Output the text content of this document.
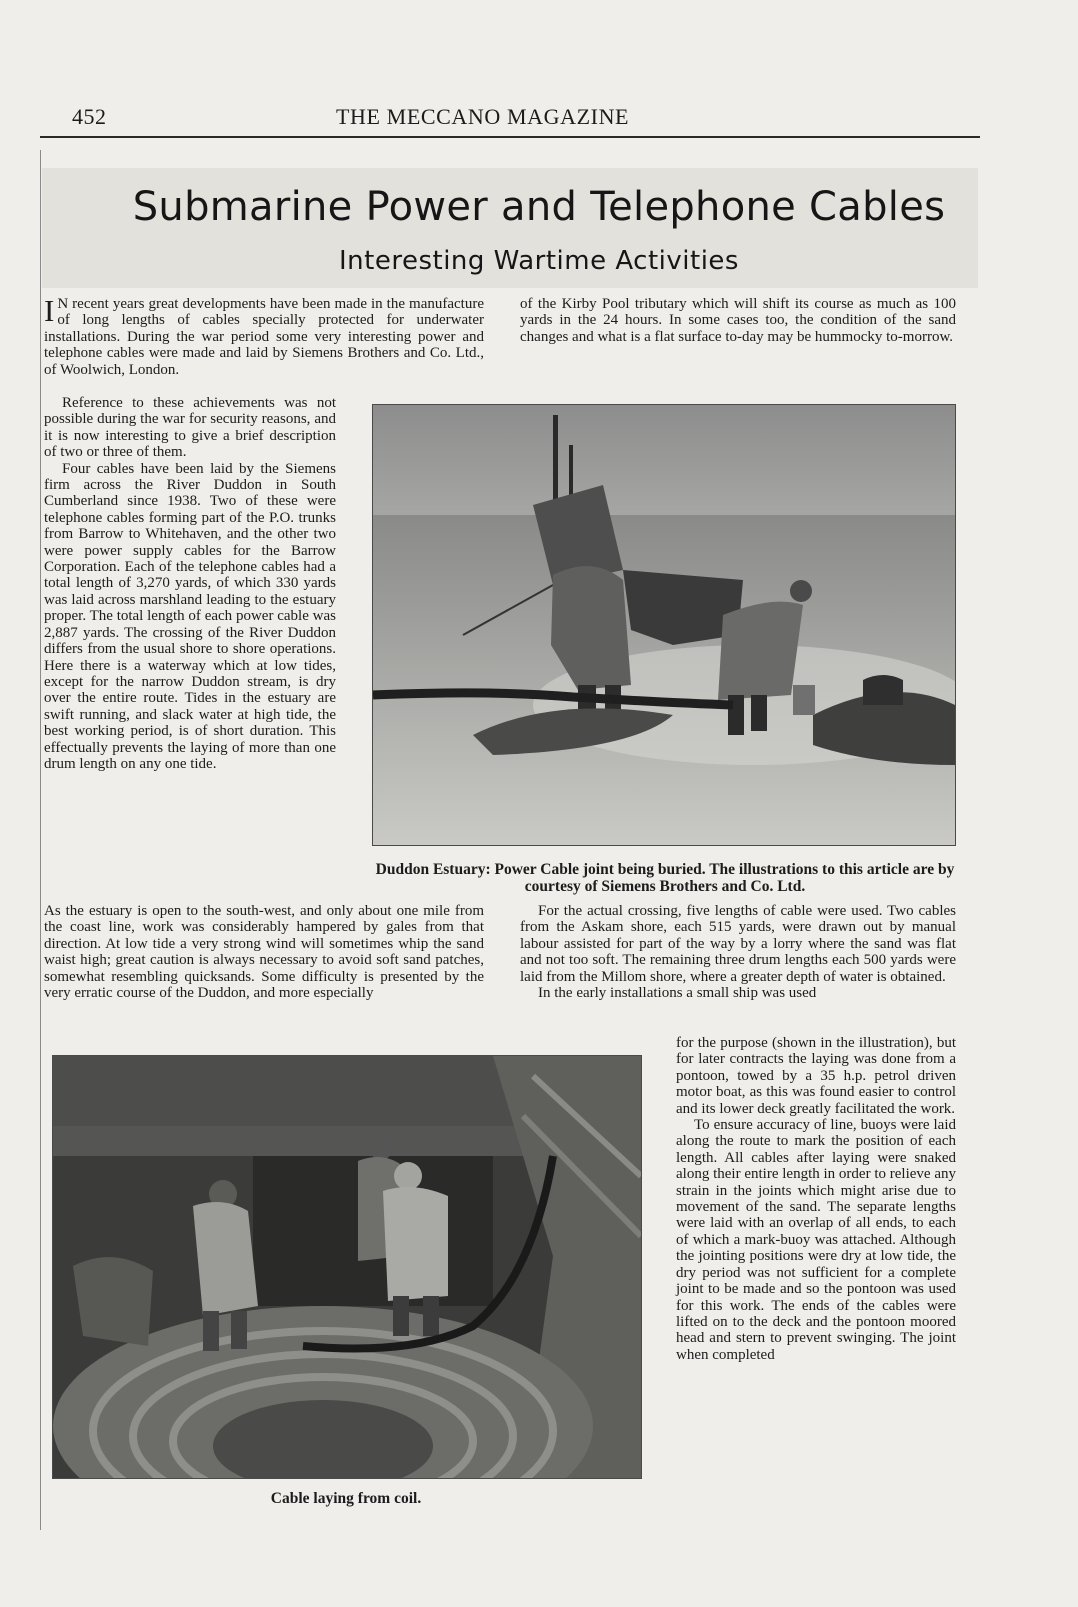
452	THE MECCANO MAGAZINE
Submarine Power and Telephone Cables
Interesting Wartime Activities

I N recent years great developments have been made in the manufacture of long lengths of cables specially protected for underwater installations. During the war period some very interesting power and telephone cables were made and laid by Siemens Brothers and Co. Ltd., of Woolwich, London.

Reference to these achievements was not possible during the war for security reasons, and it is now interesting to give a brief description of two or three of them.

Four cables have been laid by the Siemens firm across the River Duddon in South Cumberland since 1938. Two of these were telephone cables forming part of the P.O. trunks from Barrow to Whitehaven, and the other two were power supply cables for the Barrow Corporation. Each of the telephone cables had a total length of 3,270 yards, of which 330 yards was laid across marshland leading to the estuary proper. The total length of each power cable was 2,887 yards. The crossing of the River Duddon differs from the usual shore to shore operations. Here there is a waterway which at low tides, except for the narrow Duddon stream, is dry over the entire route. Tides in the estuary are swift running, and slack water at high tide, the best working period, is of short duration. This effectually prevents the laying of more than one drum length on any one tide.

of the Kirby Pool tributary which will shift its course as much as 100 yards in the 24 hours. In some cases too, the condition of the sand changes and what is a flat surface to-day may be hummocky to-morrow.

Duddon Estuary: Power Cable joint being buried. The illustrations to this article are by courtesy of Siemens Brothers and Co. Ltd.

As the estuary is open to the south-west, and only about one mile from the coast line, work was considerably hampered by gales from that direction. At low tide a very strong wind will sometimes whip the sand waist high; great caution is always necessary to avoid soft sand patches, somewhat resembling quicksands. Some difficulty is presented by the very erratic course of the Duddon, and more especially

For the actual crossing, five lengths of cable were used. Two cables from the Askam shore, each 515 yards, were drawn out by manual labour assisted for part of the way by a lorry where the sand was flat and not too soft. The remaining three drum lengths each 500 yards were laid from the Millom shore, where a greater depth of water is obtained.

In the early installations a small ship was used

for the purpose (shown in the illustration), but for later contracts the laying was done from a pontoon, towed by a 35 h.p. petrol driven motor boat, as this was found easier to control and its lower deck greatly facilitated the work.

To ensure accuracy of line, buoys were laid along the route to mark the position of each length. All cables after laying were snaked along their entire length in order to relieve any strain in the joints which might arise due to movement of the sand. The separate lengths were laid with an overlap of all ends, to each of which a mark-buoy was attached. Although the jointing positions were dry at low tide, the dry period was not sufficient for a complete joint to be made and so the pontoon was used for this work. The ends of the cables were lifted on to the deck and the pontoon moored head and stern to prevent swinging. The joint when completed

Cable laying from coil.
